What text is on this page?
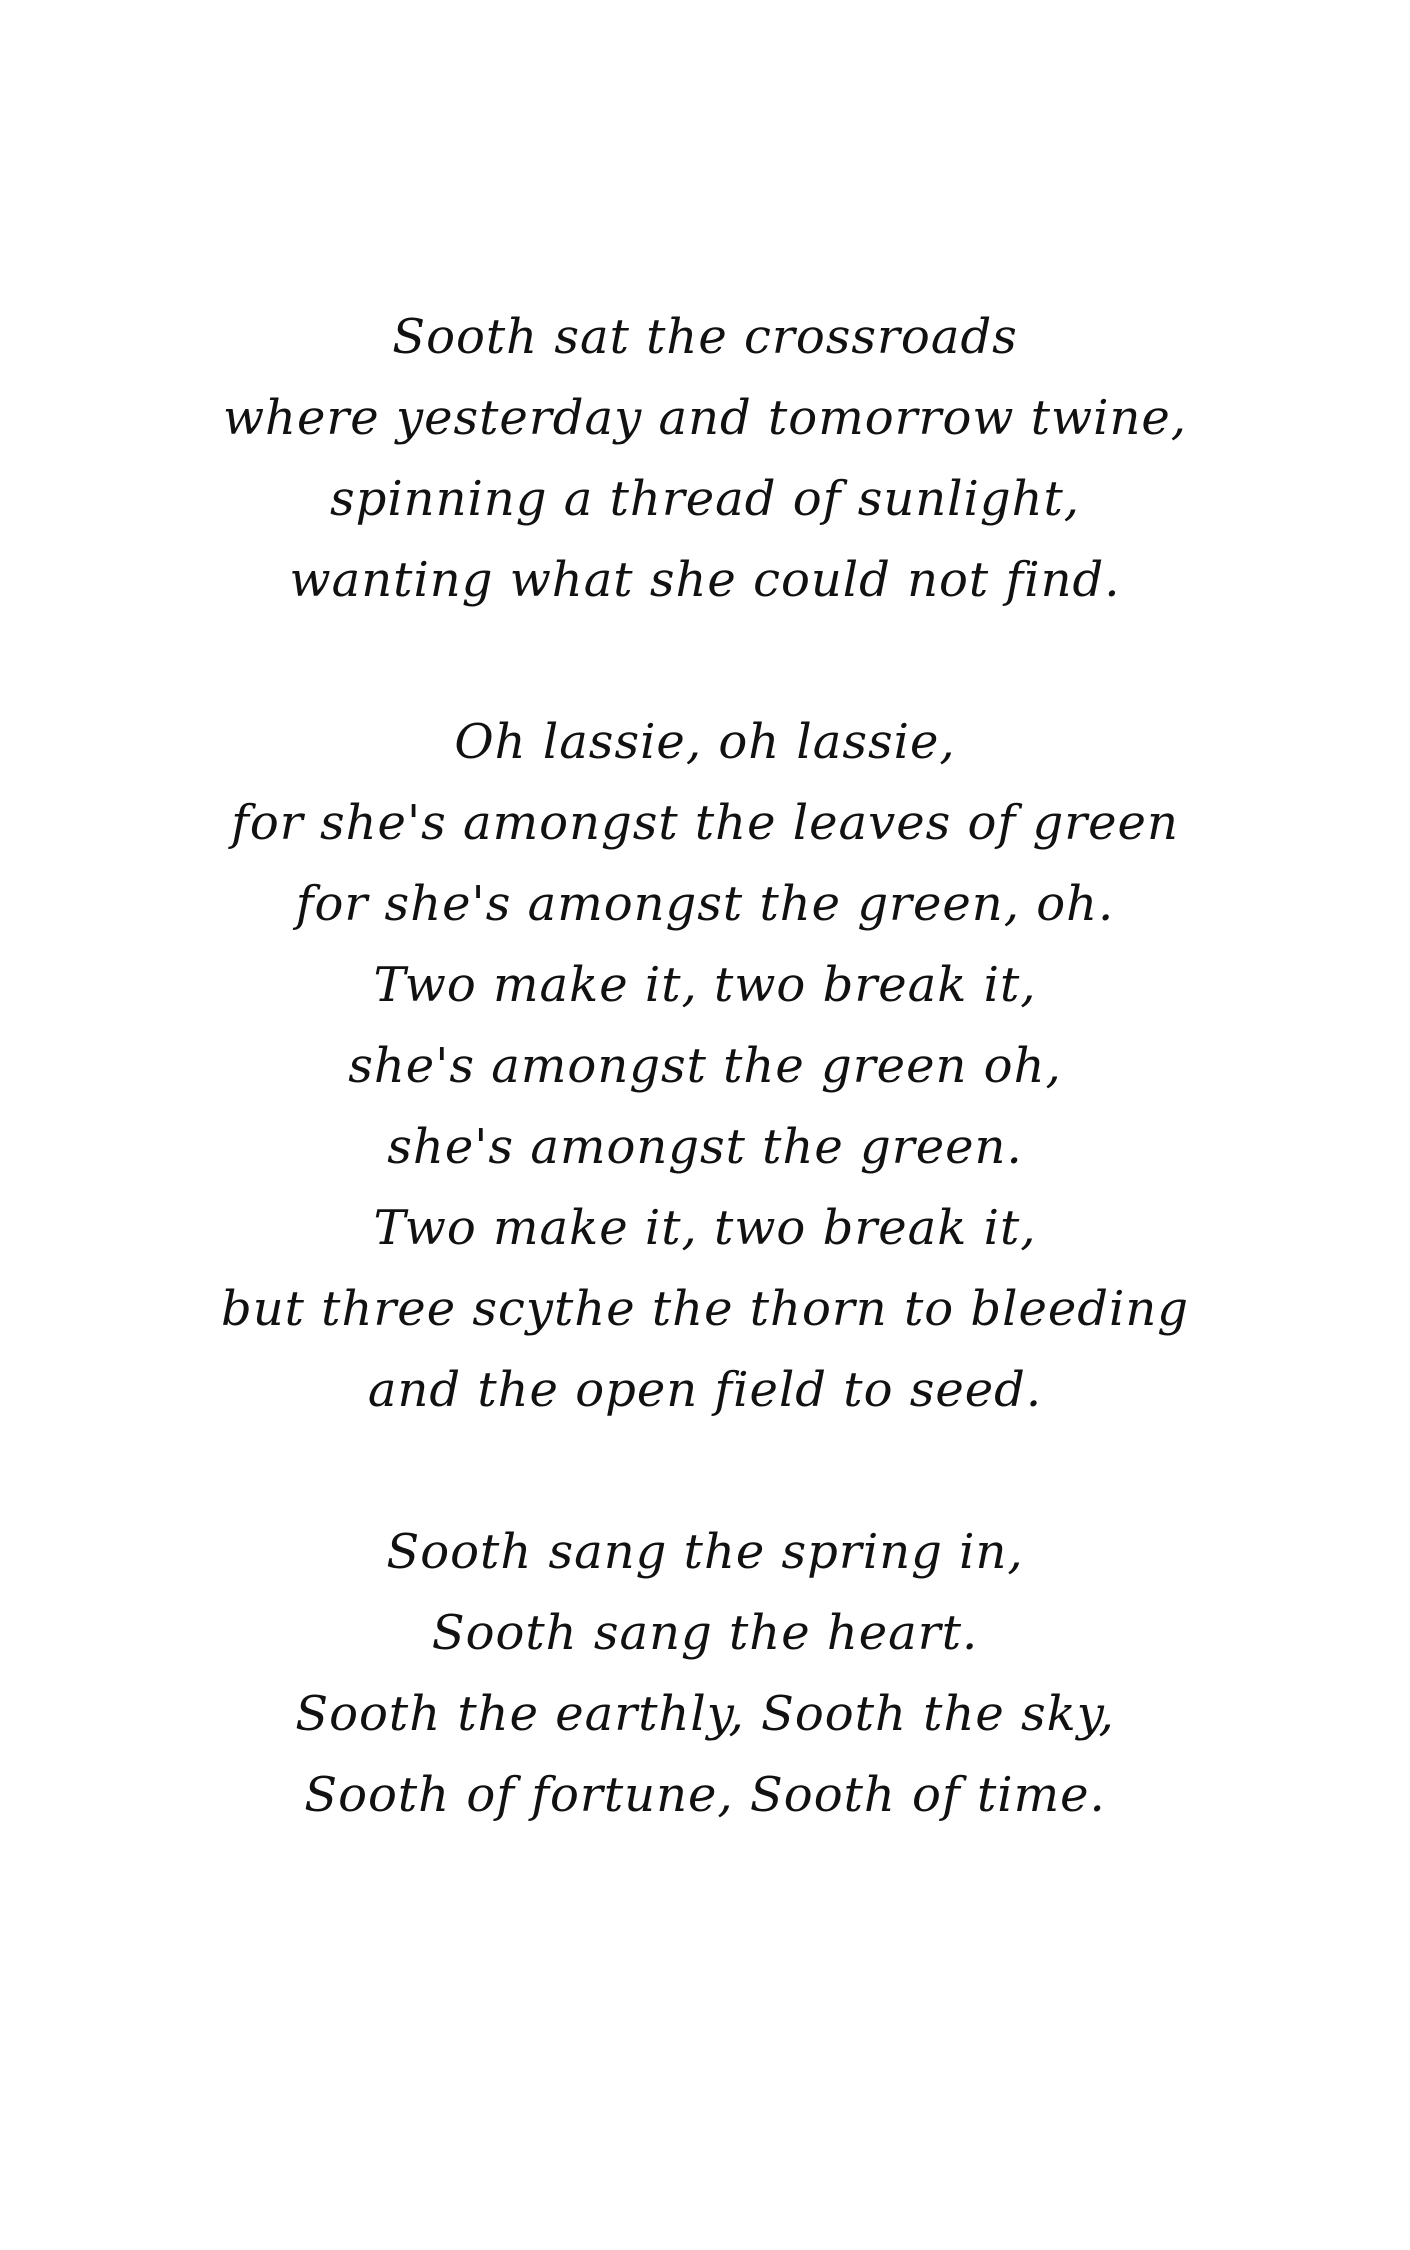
Sooth sat the crossroads
where yesterday and tomorrow twine,
spinning a thread of sunlight,
wanting what she could not find.
Oh lassie, oh lassie,
for she's amongst the leaves of green
for she's amongst the green, oh.
Two make it, two break it,
she's amongst the green oh,
she's amongst the green.
Two make it, two break it,
but three scythe the thorn to bleeding
and the open field to seed.
Sooth sang the spring in,
Sooth sang the heart.
Sooth the earthly, Sooth the sky,
Sooth of fortune, Sooth of time.
